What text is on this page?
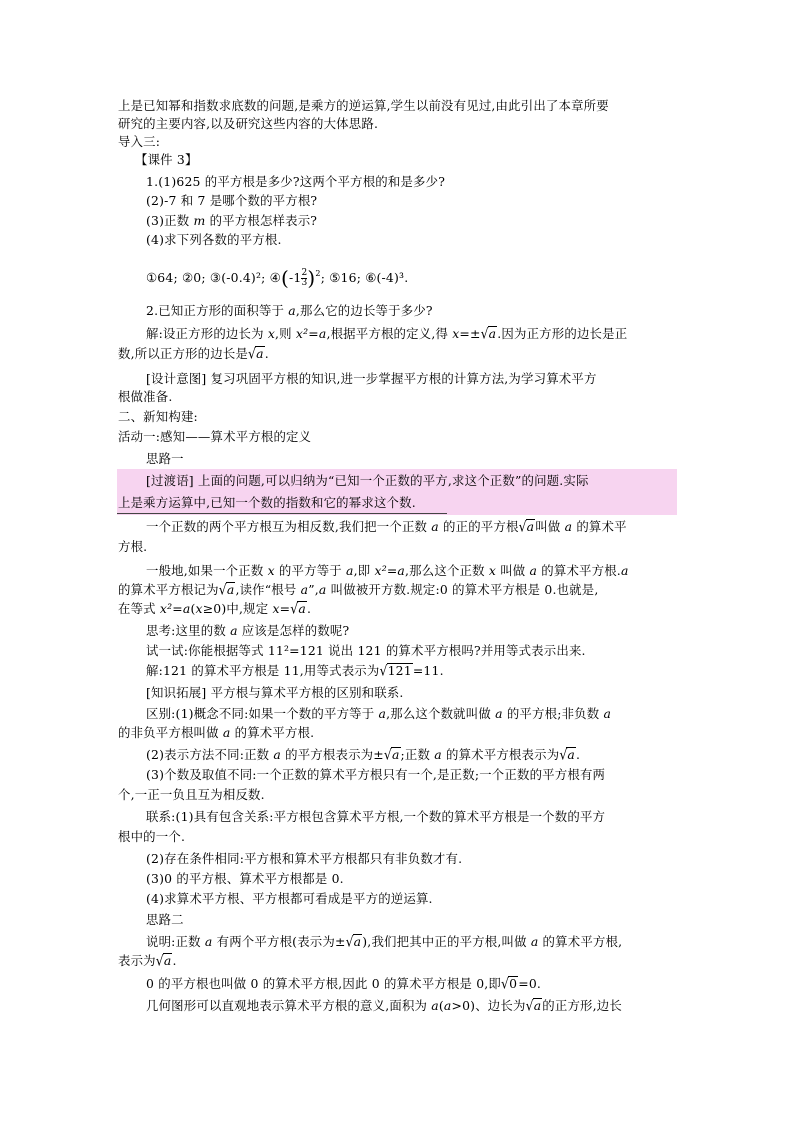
上是已知幂和指数求底数的问题,是乘方的逆运算,学生以前没有见过,由此引出了本章所要
研究的主要内容,以及研究这些内容的大体思路.
导入三:
【课件 3】
1.(1)625 的平方根是多少?这两个平方根的和是多少?
(2)-7 和 7 是哪个数的平方根?
(3)正数 m 的平方根怎样表示?
(4)求下列各数的平方根.
①64; ②0; ③(-0.4)²; ④(-1 $\frac{2}{3} )^2$; ⑤16; ⑥(-4)³.
2.已知正方形的面积等于 a,那么它的边长等于多少?
解:设正方形的边长为 x,则 x²=a,根据平方根的定义,得 x=±√a.因为正方形的边长是正
数,所以正方形的边长是√a.
[设计意图] 复习巩固平方根的知识,进一步掌握平方根的计算方法,为学习算术平方
根做准备.
二、新知构建:
活动一:感知——算术平方根的定义
思路一
[过渡语] 上面的问题,可以归纳为“已知一个正数的平方,求这个正数”的问题.实际
上是乘方运算中,已知一个数的指数和它的幂求这个数.
一个正数的两个平方根互为相反数,我们把一个正数 a 的正的平方根√a叫做 a 的算术平
方根.
一般地,如果一个正数 x 的平方等于 a,即 x²=a,那么这个正数 x 叫做 a 的算术平方根.a
的算术平方根记为√a,读作“根号 a”,a 叫做被开方数.规定:0 的算术平方根是 0.也就是,
在等式 x²=a(x≥0)中,规定 x=√a.
思考:这里的数 a 应该是怎样的数呢?
试一试:你能根据等式 11²=121 说出 121 的算术平方根吗?并用等式表示出来.
解:121 的算术平方根是 11,用等式表示为√121=11.
[知识拓展] 平方根与算术平方根的区别和联系.
区别:(1)概念不同:如果一个数的平方等于 a,那么这个数就叫做 a 的平方根;非负数 a
的非负平方根叫做 a 的算术平方根.
(2)表示方法不同:正数 a 的平方根表示为±√a;正数 a 的算术平方根表示为√a.
(3)个数及取值不同:一个正数的算术平方根只有一个,是正数;一个正数的平方根有两
个,一正一负且互为相反数.
联系:(1)具有包含关系:平方根包含算术平方根,一个数的算术平方根是一个数的平方
根中的一个.
(2)存在条件相同:平方根和算术平方根都只有非负数才有.
(3)0 的平方根、算术平方根都是 0.
(4)求算术平方根、平方根都可看成是平方的逆运算.
思路二
说明:正数 a 有两个平方根(表示为±√a),我们把其中正的平方根,叫做 a 的算术平方根,
表示为√a.
0 的平方根也叫做 0 的算术平方根,因此 0 的算术平方根是 0,即√0=0.
几何图形可以直观地表示算术平方根的意义,面积为 a(a>0)、边长为√a的正方形,边长
